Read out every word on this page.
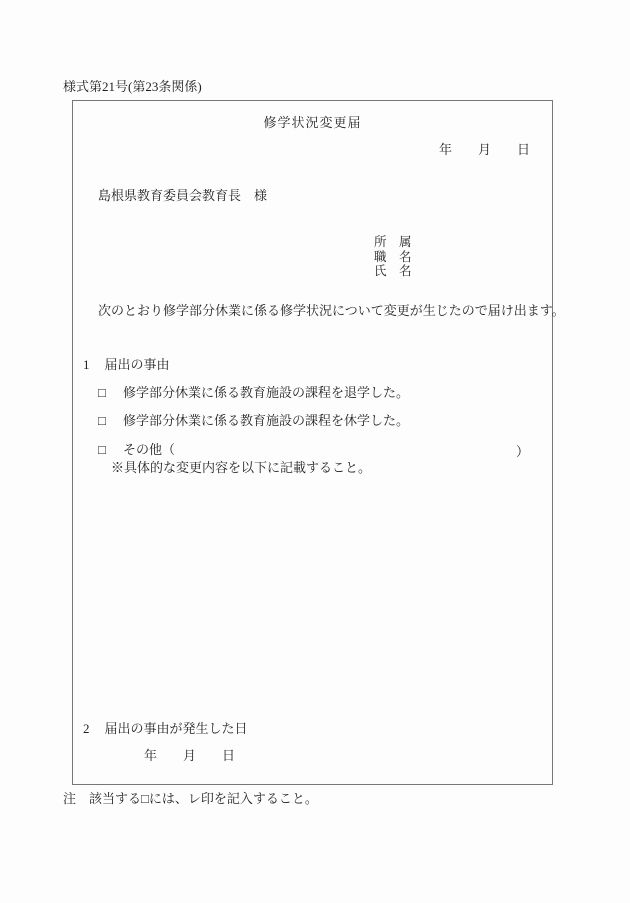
様式第21号(第23条関係)
修学状況変更届
年　　月　　日
島根県教育委員会教育長　様
所　属
職　名
氏　名
次のとおり修学部分休業に係る修学状況について変更が生じたので届け出ます。
1 届出の事由
□ 修学部分休業に係る教育施設の課程を退学した。
□ 修学部分休業に係る教育施設の課程を休学した。
□ その他（	）
※具体的な変更内容を以下に記載すること。
2 届出の事由が発生した日
年　　月　　日
注　該当する□には、レ印を記入すること。
